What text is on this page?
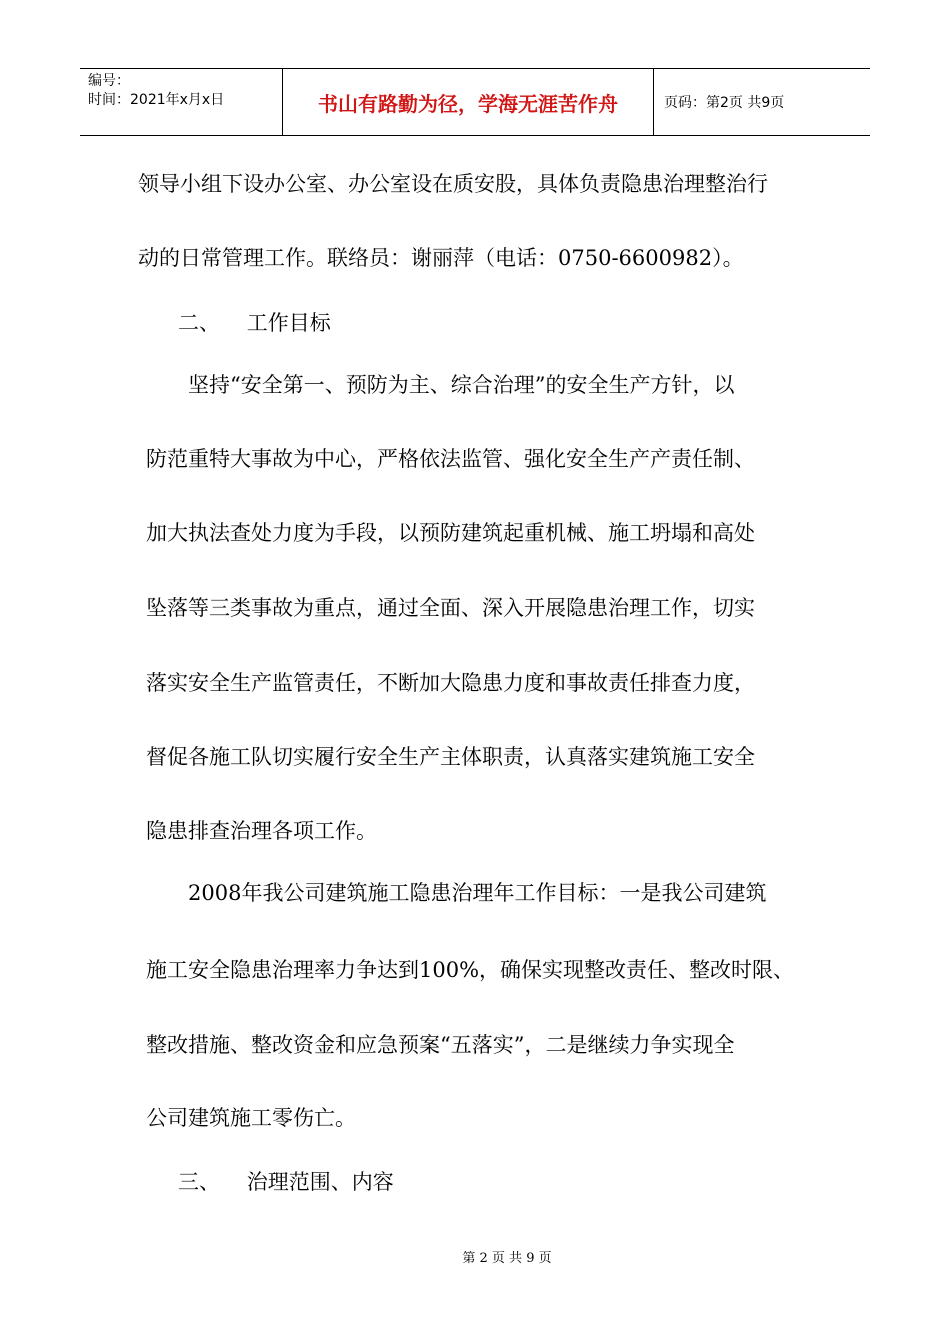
编号：
时间：2021年x月x日	书山有路勤为径，学海无涯苦作舟	页码：第2页 共9页
领导小组下设办公室、办公室设在质安股，具体负责隐患治理整治行
动的日常管理工作。联络员：谢丽萍（电话：0750-6600982）。
二、    工作目标
坚持“安全第一、预防为主、综合治理”的安全生产方针，以
防范重特大事故为中心，严格依法监管、强化安全生产产责任制、
加大执法查处力度为手段，以预防建筑起重机械、施工坍塌和高处
坠落等三类事故为重点，通过全面、深入开展隐患治理工作，切实
落实安全生产监管责任，不断加大隐患力度和事故责任排查力度，
督促各施工队切实履行安全生产主体职责，认真落实建筑施工安全
隐患排查治理各项工作。
2008年我公司建筑施工隐患治理年工作目标：一是我公司建筑
施工安全隐患治理率力争达到100%，确保实现整改责任、整改时限、
整改措施、整改资金和应急预案“五落实”，二是继续力争实现全
公司建筑施工零伤亡。
三、    治理范围、内容
第 2 页 共 9 页
